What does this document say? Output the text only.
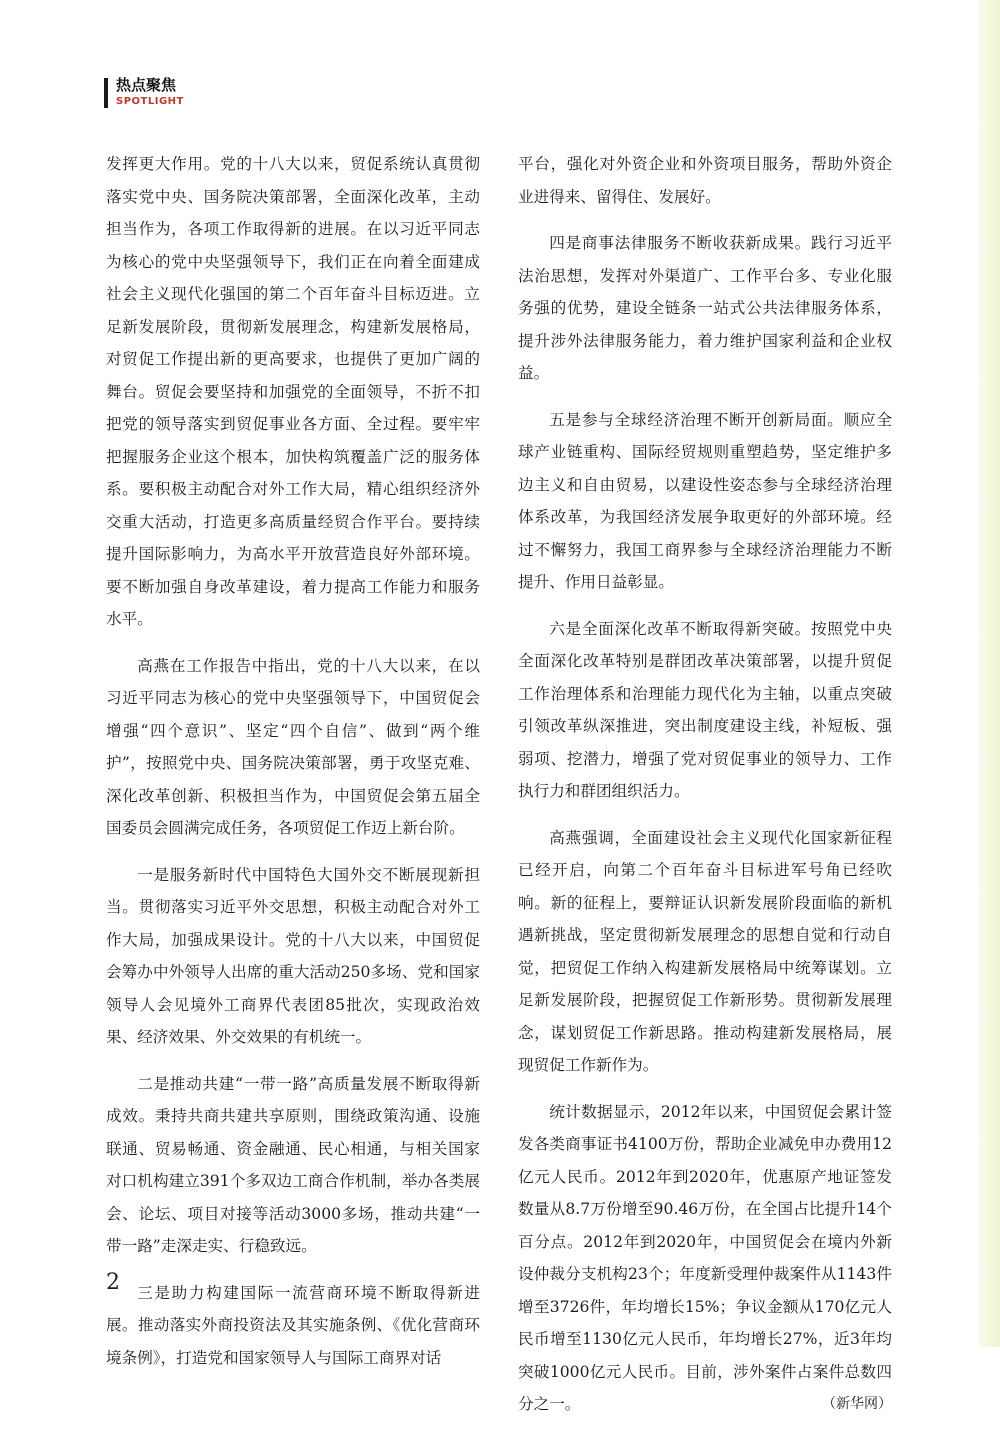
热点聚焦
SPOTLIGHT

发挥更大作用。党的十八大以来，贸促系统认真贯彻落实党中央、国务院决策部署，全面深化改革，主动担当作为，各项工作取得新的进展。在以习近平同志为核心的党中央坚强领导下，我们正在向着全面建成社会主义现代化强国的第二个百年奋斗目标迈进。立足新发展阶段，贯彻新发展理念，构建新发展格局，对贸促工作提出新的更高要求，也提供了更加广阔的舞台。贸促会要坚持和加强党的全面领导，不折不扣把党的领导落实到贸促事业各方面、全过程。要牢牢把握服务企业这个根本，加快构筑覆盖广泛的服务体系。要积极主动配合对外工作大局，精心组织经济外交重大活动，打造更多高质量经贸合作平台。要持续提升国际影响力，为高水平开放营造良好外部环境。要不断加强自身改革建设，着力提高工作能力和服务水平。

高燕在工作报告中指出，党的十八大以来，在以习近平同志为核心的党中央坚强领导下，中国贸促会增强“四个意识”、坚定“四个自信”、做到“两个维护”，按照党中央、国务院决策部署，勇于攻坚克难、深化改革创新、积极担当作为，中国贸促会第五届全国委员会圆满完成任务，各项贸促工作迈上新台阶。

一是服务新时代中国特色大国外交不断展现新担当。贯彻落实习近平外交思想，积极主动配合对外工作大局，加强成果设计。党的十八大以来，中国贸促会筹办中外领导人出席的重大活动250多场、党和国家领导人会见境外工商界代表团85批次，实现政治效果、经济效果、外交效果的有机统一。

二是推动共建“一带一路”高质量发展不断取得新成效。秉持共商共建共享原则，围绕政策沟通、设施联通、贸易畅通、资金融通、民心相通，与相关国家对口机构建立391个多双边工商合作机制，举办各类展会、论坛、项目对接等活动3000多场，推动共建“一带一路”走深走实、行稳致远。

三是助力构建国际一流营商环境不断取得新进展。推动落实外商投资法及其实施条例、《优化营商环境条例》，打造党和国家领导人与国际工商界对话

平台，强化对外资企业和外资项目服务，帮助外资企业进得来、留得住、发展好。

四是商事法律服务不断收获新成果。践行习近平法治思想，发挥对外渠道广、工作平台多、专业化服务强的优势，建设全链条一站式公共法律服务体系，提升涉外法律服务能力，着力维护国家利益和企业权益。

五是参与全球经济治理不断开创新局面。顺应全球产业链重构、国际经贸规则重塑趋势，坚定维护多边主义和自由贸易，以建设性姿态参与全球经济治理体系改革，为我国经济发展争取更好的外部环境。经过不懈努力，我国工商界参与全球经济治理能力不断提升、作用日益彰显。

六是全面深化改革不断取得新突破。按照党中央全面深化改革特别是群团改革决策部署，以提升贸促工作治理体系和治理能力现代化为主轴，以重点突破引领改革纵深推进，突出制度建设主线，补短板、强弱项、挖潜力，增强了党对贸促事业的领导力、工作执行力和群团组织活力。

高燕强调，全面建设社会主义现代化国家新征程已经开启，向第二个百年奋斗目标进军号角已经吹响。新的征程上，要辩证认识新发展阶段面临的新机遇新挑战，坚定贯彻新发展理念的思想自觉和行动自觉，把贸促工作纳入构建新发展格局中统筹谋划。立足新发展阶段，把握贸促工作新形势。贯彻新发展理念，谋划贸促工作新思路。推动构建新发展格局，展现贸促工作新作为。

统计数据显示，2012年以来，中国贸促会累计签发各类商事证书4100万份，帮助企业减免申办费用12亿元人民币。2012年到2020年，优惠原产地证签发数量从8.7万份增至90.46万份，在全国占比提升14个百分点。2012年到2020年，中国贸促会在境内外新设仲裁分支机构23个；年度新受理仲裁案件从1143件增至3726件，年均增长15%；争议金额从170亿元人民币增至1130亿元人民币，年均增长27%，近3年均突破1000亿元人民币。目前，涉外案件占案件总数四分之一。	（新华网）

2
